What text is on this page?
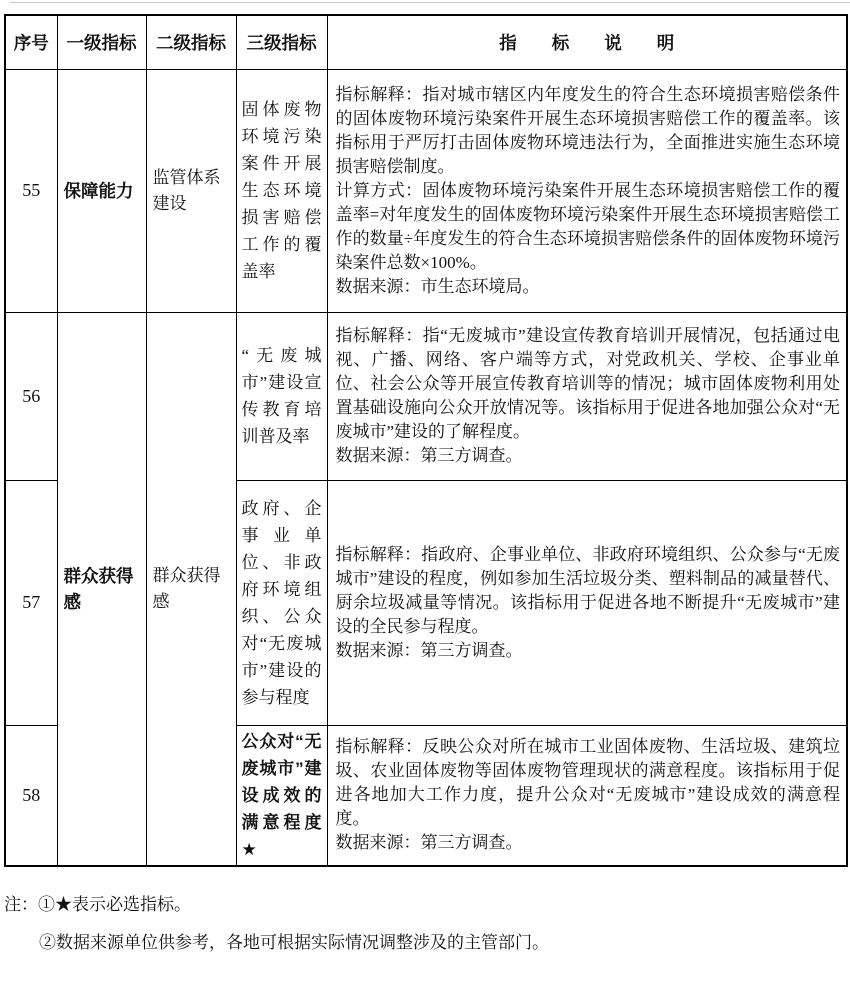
序号	一级指标	二级指标	三级指标	指　　标　　说　　明
55	保障能力	监管体系建设	固体废物环境污染案件开展生态环境损害赔偿工作的覆盖率	指标解释：指对城市辖区内年度发生的符合生态环境损害赔偿条件的固体废物环境污染案件开展生态环境损害赔偿工作的覆盖率。该指标用于严厉打击固体废物环境违法行为，全面推进实施生态环境损害赔偿制度。
计算方式：固体废物环境污染案件开展生态环境损害赔偿工作的覆盖率=对年度发生的固体废物环境污染案件开展生态环境损害赔偿工作的数量÷年度发生的符合生态环境损害赔偿条件的固体废物环境污染案件总数×100%。
数据来源：市生态环境局。

56	群众获得感	群众获得感	“无废城市”建设宣传教育培训普及率	指标解释：指“无废城市”建设宣传教育培训开展情况，包括通过电视、广播、网络、客户端等方式，对党政机关、学校、企事业单位、社会公众等开展宣传教育培训等的情况；城市固体废物利用处置基础设施向公众开放情况等。该指标用于促进各地加强公众对“无废城市”建设的了解程度。
数据来源：第三方调查。

57			政府、企事业单位、非政府环境组织、公众对“无废城市”建设的参与程度	指标解释：指政府、企事业单位、非政府环境组织、公众参与“无废城市”建设的程度，例如参加生活垃圾分类、塑料制品的减量替代、厨余垃圾减量等情况。该指标用于促进各地不断提升“无废城市”建设的全民参与程度。
数据来源：第三方调查。

58			公众对“无废城市”建设成效的满意程度★	指标解释：反映公众对所在城市工业固体废物、生活垃圾、建筑垃圾、农业固体废物等固体废物管理现状的满意程度。该指标用于促进各地加大工作力度，提升公众对“无废城市”建设成效的满意程度。
数据来源：第三方调查。
注：①★表示必选指标。
②数据来源单位供参考，各地可根据实际情况调整涉及的主管部门。
